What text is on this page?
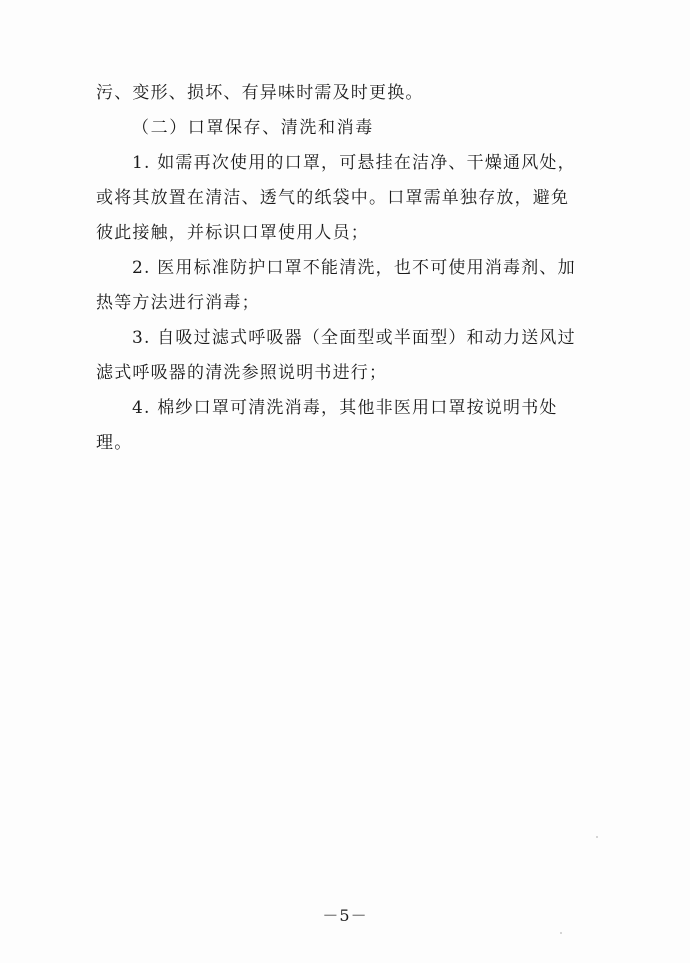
污、变形、损坏、有异味时需及时更换。
（二）口罩保存、清洗和消毒
1. 如需再次使用的口罩，可悬挂在洁净、干燥通风处，
或将其放置在清洁、透气的纸袋中。口罩需单独存放，避免
彼此接触，并标识口罩使用人员；
2. 医用标准防护口罩不能清洗，也不可使用消毒剂、加
热等方法进行消毒；
3. 自吸过滤式呼吸器（全面型或半面型）和动力送风过
滤式呼吸器的清洗参照说明书进行；
4. 棉纱口罩可清洗消毒，其他非医用口罩按说明书处
理。
－5－
